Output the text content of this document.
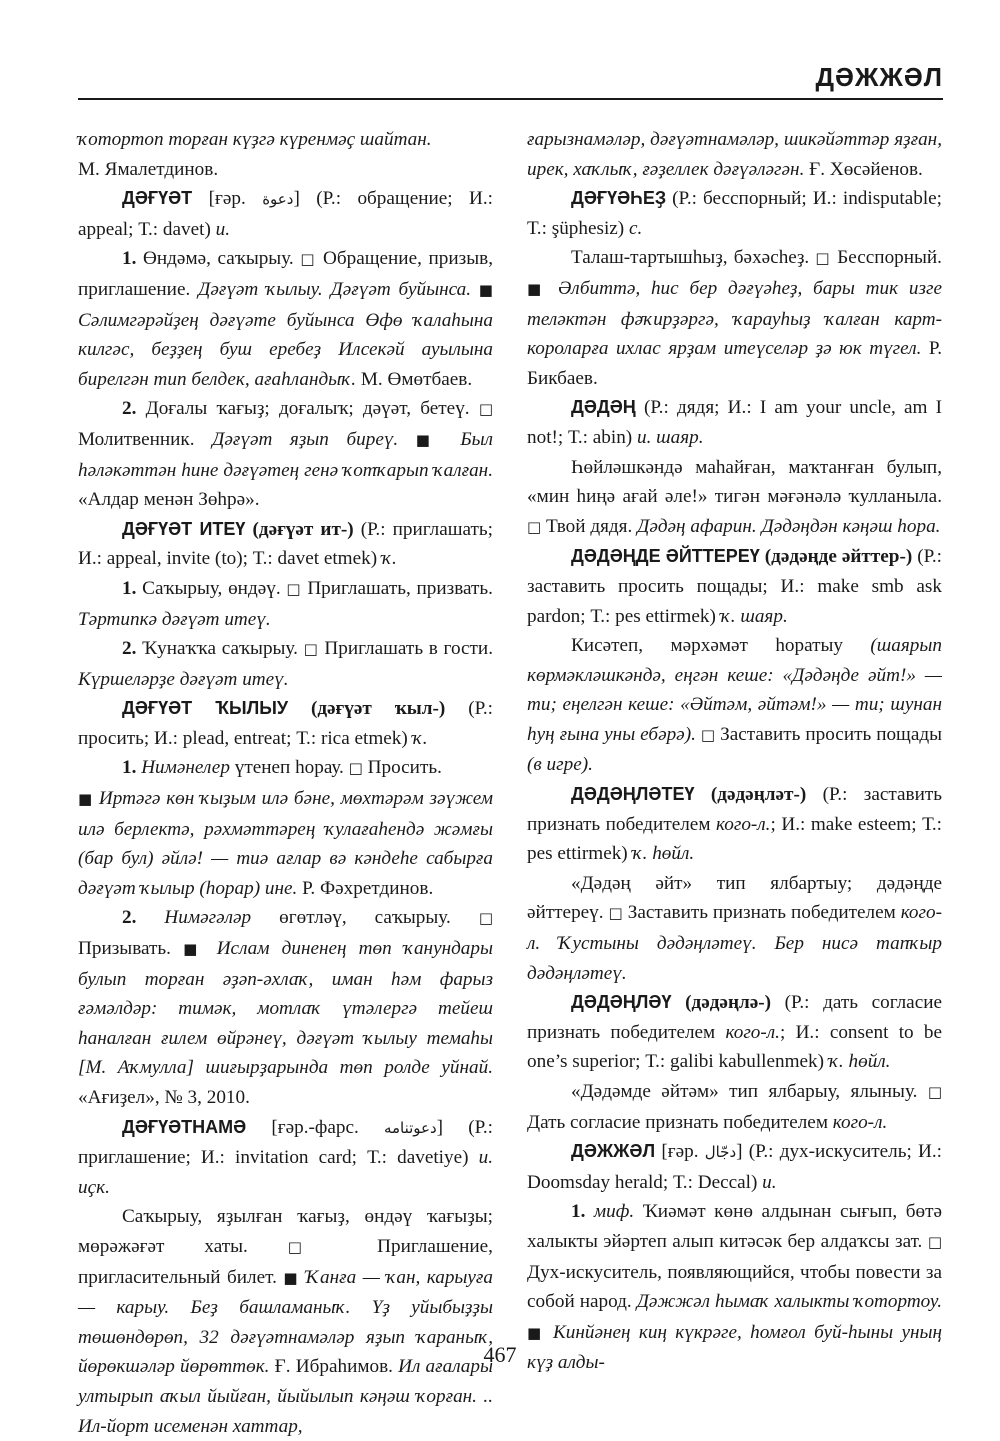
ДӘЖЖӘЛ

ҡотортоп торған күҙгә күренмәҫ шайтан.
М. Ямалетдинов.

ДӘҒҮӘТ [ғәр. دعوة] (Р.: обращение; И.: appeal; Т.: davet) и.

1. Өндәмә, саҡырыу. □ Обращение, призыв, приглашение. Дәғүәт ҡылыу. Дәғүәт буйынса. ■ Сәлимгәрәйҙең дәғүәте буйынса Өфө ҡалаһына килгәс, беҙҙең буш еребеҙ Илсекәй ауылына бирелгән тип белдек, ағаһландыҡ. М. Өмөтбаев.

2. Доғалы ҡағыҙ; доғалыҡ; дәүәт, бетеү. □ Молитвенник. Дәғүәт яҙып биреү. ■ Был һәләкәттән һине дәғүәтең генә ҡотҡарып ҡалған. «Алдар менән Зөһрә».

ДӘҒҮӘТ ИТЕҮ (дәғүәт ит-) (Р.: приглашать; И.: appeal, invite (to); Т.: davet etmek) ҡ.

1. Саҡырыу, өндәү. □ Приглашать, призвать. Тәртипкә дәғүәт итеү.

2. Ҡунаҡҡа саҡырыу. □ Приглашать в гости. Күршеләрҙе дәғүәт итеү.

ДӘҒҮӘТ ҠЫЛЫУ (дәғүәт ҡыл-) (Р.: просить; И.: plead, entreat; Т.: rica etmek) ҡ.

1. Нимәнелер үтенеп һорау. □ Просить.
■ Иртәгә көн ҡыҙым илә бәне, мөхтәрәм зәүжем илә берлектә, рәхмәттәрең ҡулағаһендә жәмғы (бар бул) әйлә! — тиә ағлар вә кәндеһе сабырға дәғүәт ҡылыр (һорар) ине. Р. Фәхретдинов.

2. Нимәгәләр өгөтләү, саҡырыу. □ Призывать. ■ Ислам диненең төп ҡанундары булып торған әҙәп-әхлаҡ, иман һәм фарыз ғәмәлдәр: тимәк, мотлаҡ үтәлергә тейеш һаналған ғилем өйрәнеү, дәғүәт ҡылыу темаһы [М. Аҡмулла] шиғырҙарында төп ролде уйнай. «Ағиҙел», № 3, 2010.

ДӘҒҮӘТНАМӘ [ғәр.-фарс. دعوتنامه] (Р.: приглашение; И.: invitation card; Т.: davetiye) и. иҫк.

Саҡырыу, яҙылған ҡағыҙ, өндәү ҡағыҙы; мөрәжәғәт хаты. □ Приглашение, пригласительный билет. ■ Ҡанға — ҡан, карыуға — карыу. Беҙ башламаныҡ. Үҙ уйыбыҙҙы төшөндөрөп, 32 дәғүәтнамәләр яҙып ҡараныҡ, йөрөкшәләр йөрөттөк. Ғ. Ибраһимов. Ил ағалары ултырып аҡыл йыйған, йыйылып кәңәш ҡорған. .. Ил-йорт исеменән хаттар,

ғарызнамәләр, дәғүәтнамәләр, шикәйәттәр яҙған, ирек, хаҡлыҡ, ғәҙеллек дәғүәләгән. Ғ. Хөсәйенов.

ДӘҒҮӘҺЕҘ (Р.: бесспорный; И.: indisputable; Т.: şüphesiz) с.

Талаш-тартышһыҙ, бәхәсһеҙ. □ Бесспорный. ■ Әлбиттә, һис бер дәғүәһеҙ, бары тик изге теләктән фәҡирҙәргә, ҡарауһыҙ ҡалған карт-короларға ихлас ярҙам итеүселәр ҙә юк түгел. Р. Бикбаев.

ДӘДӘҢ (Р.: дядя; И.: I am your uncle, am I not!; Т.: abin) и. шаяр.

Һөйләшкәндә маһайған, маҡтанған булып, «мин һиңә ағай әле!» тигән мәғәнәлә ҡулланыла. □ Твой дядя. Дәдәң афарин. Дәдәңдән кәңәш һора.

ДӘДӘҢДЕ ӘЙТТЕРЕҮ (дәдәңде әйттер-) (Р.: заставить просить пощады; И.: make smb ask pardon; Т.: pes ettirmek) ҡ. шаяр.

Кисәтеп, мәрхәмәт һоратыу (шаярып көрмәкләшкәндә, еңгән кеше: «Дәдәңде әйт!» — ти; еңелгән кеше: «Әйтәм, әйтәм!» — ти; шунан һуң ғына уны ебәрә). □ Заставить просить пощады (в игре).

ДӘДӘҢЛӘТЕҮ (дәдәңләт-) (Р.: заставить признать победителем кого-л.; И.: make esteem; Т.: pes ettirmek) ҡ. һөйл.

«Дәдәң әйт» тип ялбартыу; дәдәңде әйттереү. □ Заставить признать победителем кого-л. Ҡустыны дәдәңләтеү. Бер нисә тапҡыр дәдәңләтеү.

ДӘДӘҢЛӘҮ (дәдәңлә-) (Р.: дать согласие признать победителем кого-л.; И.: consent to be one’s superior; Т.: galibi kabullenmek) ҡ. һөйл.

«Дәдәмде әйтәм» тип ялбарыу, ялыныу. □ Дать согласие признать победителем кого-л.

ДӘЖЖӘЛ [ғәр. دجّال] (Р.: дух-искуситель; И.: Doomsday herald; Т.: Deccal) и.

1. миф. Ҡиәмәт көнө алдынан сығып, бөтә халыкты эйәртеп алып китәсәк бер алдаҡсы зат. □ Дух-искуситель, появляющийся, чтобы повести за собой народ. Дәжжәл һымаҡ халыкты ҡотортоу. ■ Кинйәнең киң күкрәге, һомғол буй-һыны уның күҙ алды-

467
